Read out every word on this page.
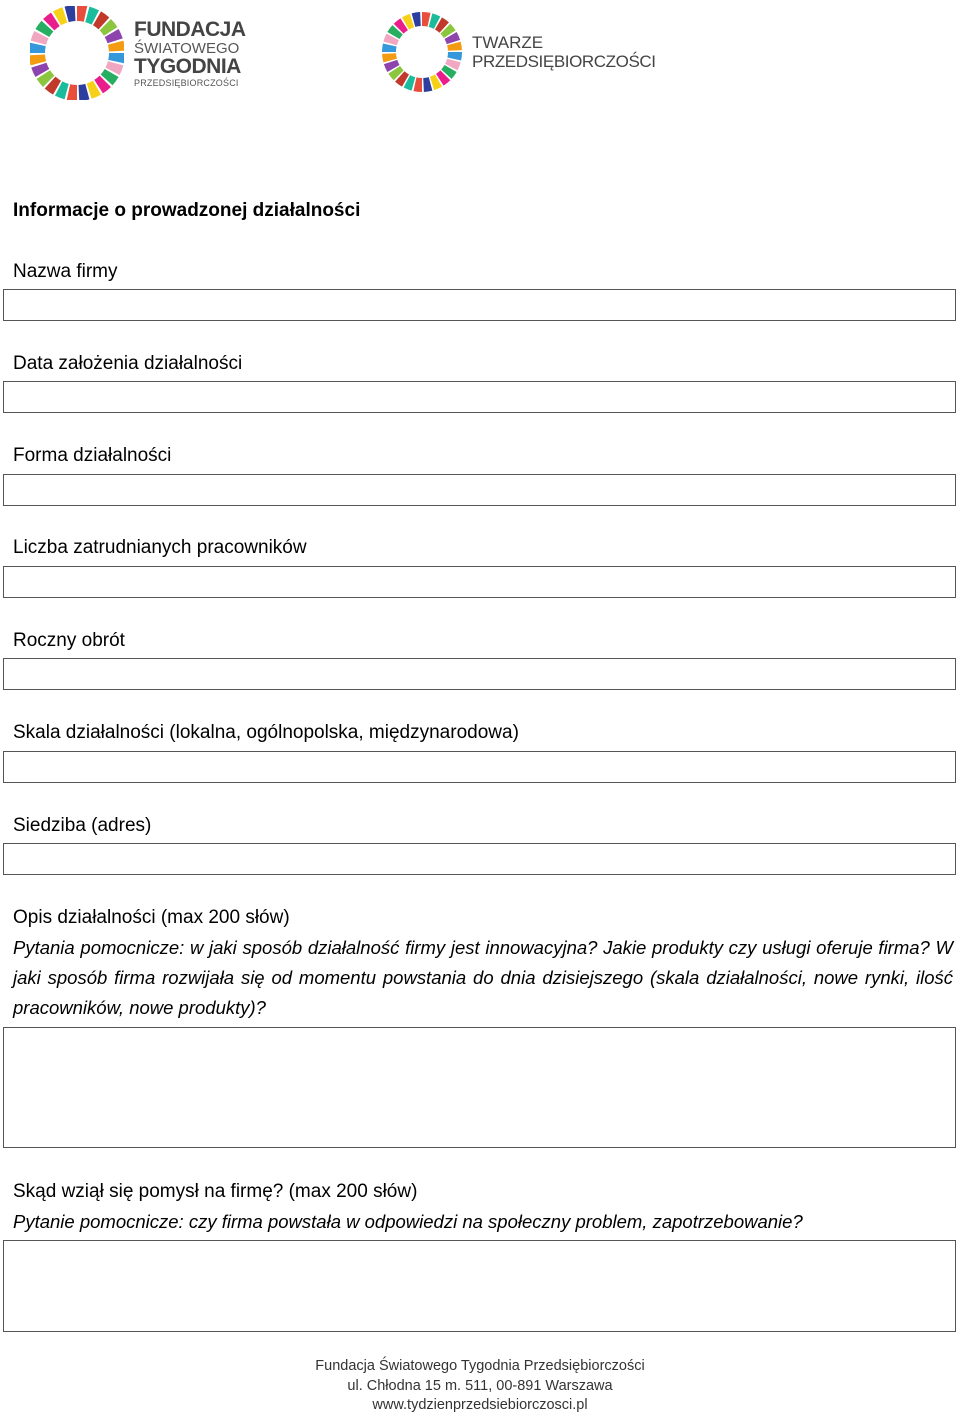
FUNDACJA
ŚWIATOWEGO
TYGODNIA
PRZEDSIĘBIORCZOŚCI
TWARZE
PRZEDSIĘBIORCZOŚCI
Informacje o prowadzonej działalności
Nazwa firmy
Data założenia działalności
Forma działalności
Liczba zatrudnianych pracowników
Roczny obrót
Skala działalności (lokalna, ogólnopolska, międzynarodowa)
Siedziba (adres)
Opis działalności (max 200 słów)
Pytania pomocnicze: w jaki sposób działalność firmy jest innowacyjna? Jakie produkty czy usługi oferuje firma? W jaki sposób firma rozwijała się od momentu powstania do dnia dzisiejszego (skala działalności, nowe rynki, ilość pracowników, nowe produkty)?
Skąd wziął się pomysł na firmę? (max 200 słów)
Pytanie pomocnicze: czy firma powstała w odpowiedzi na społeczny problem, zapotrzebowanie?
Fundacja Światowego Tygodnia Przedsiębiorczości
ul. Chłodna 15 m. 511, 00-891 Warszawa
www.tydzienprzedsiebiorczosci.pl
